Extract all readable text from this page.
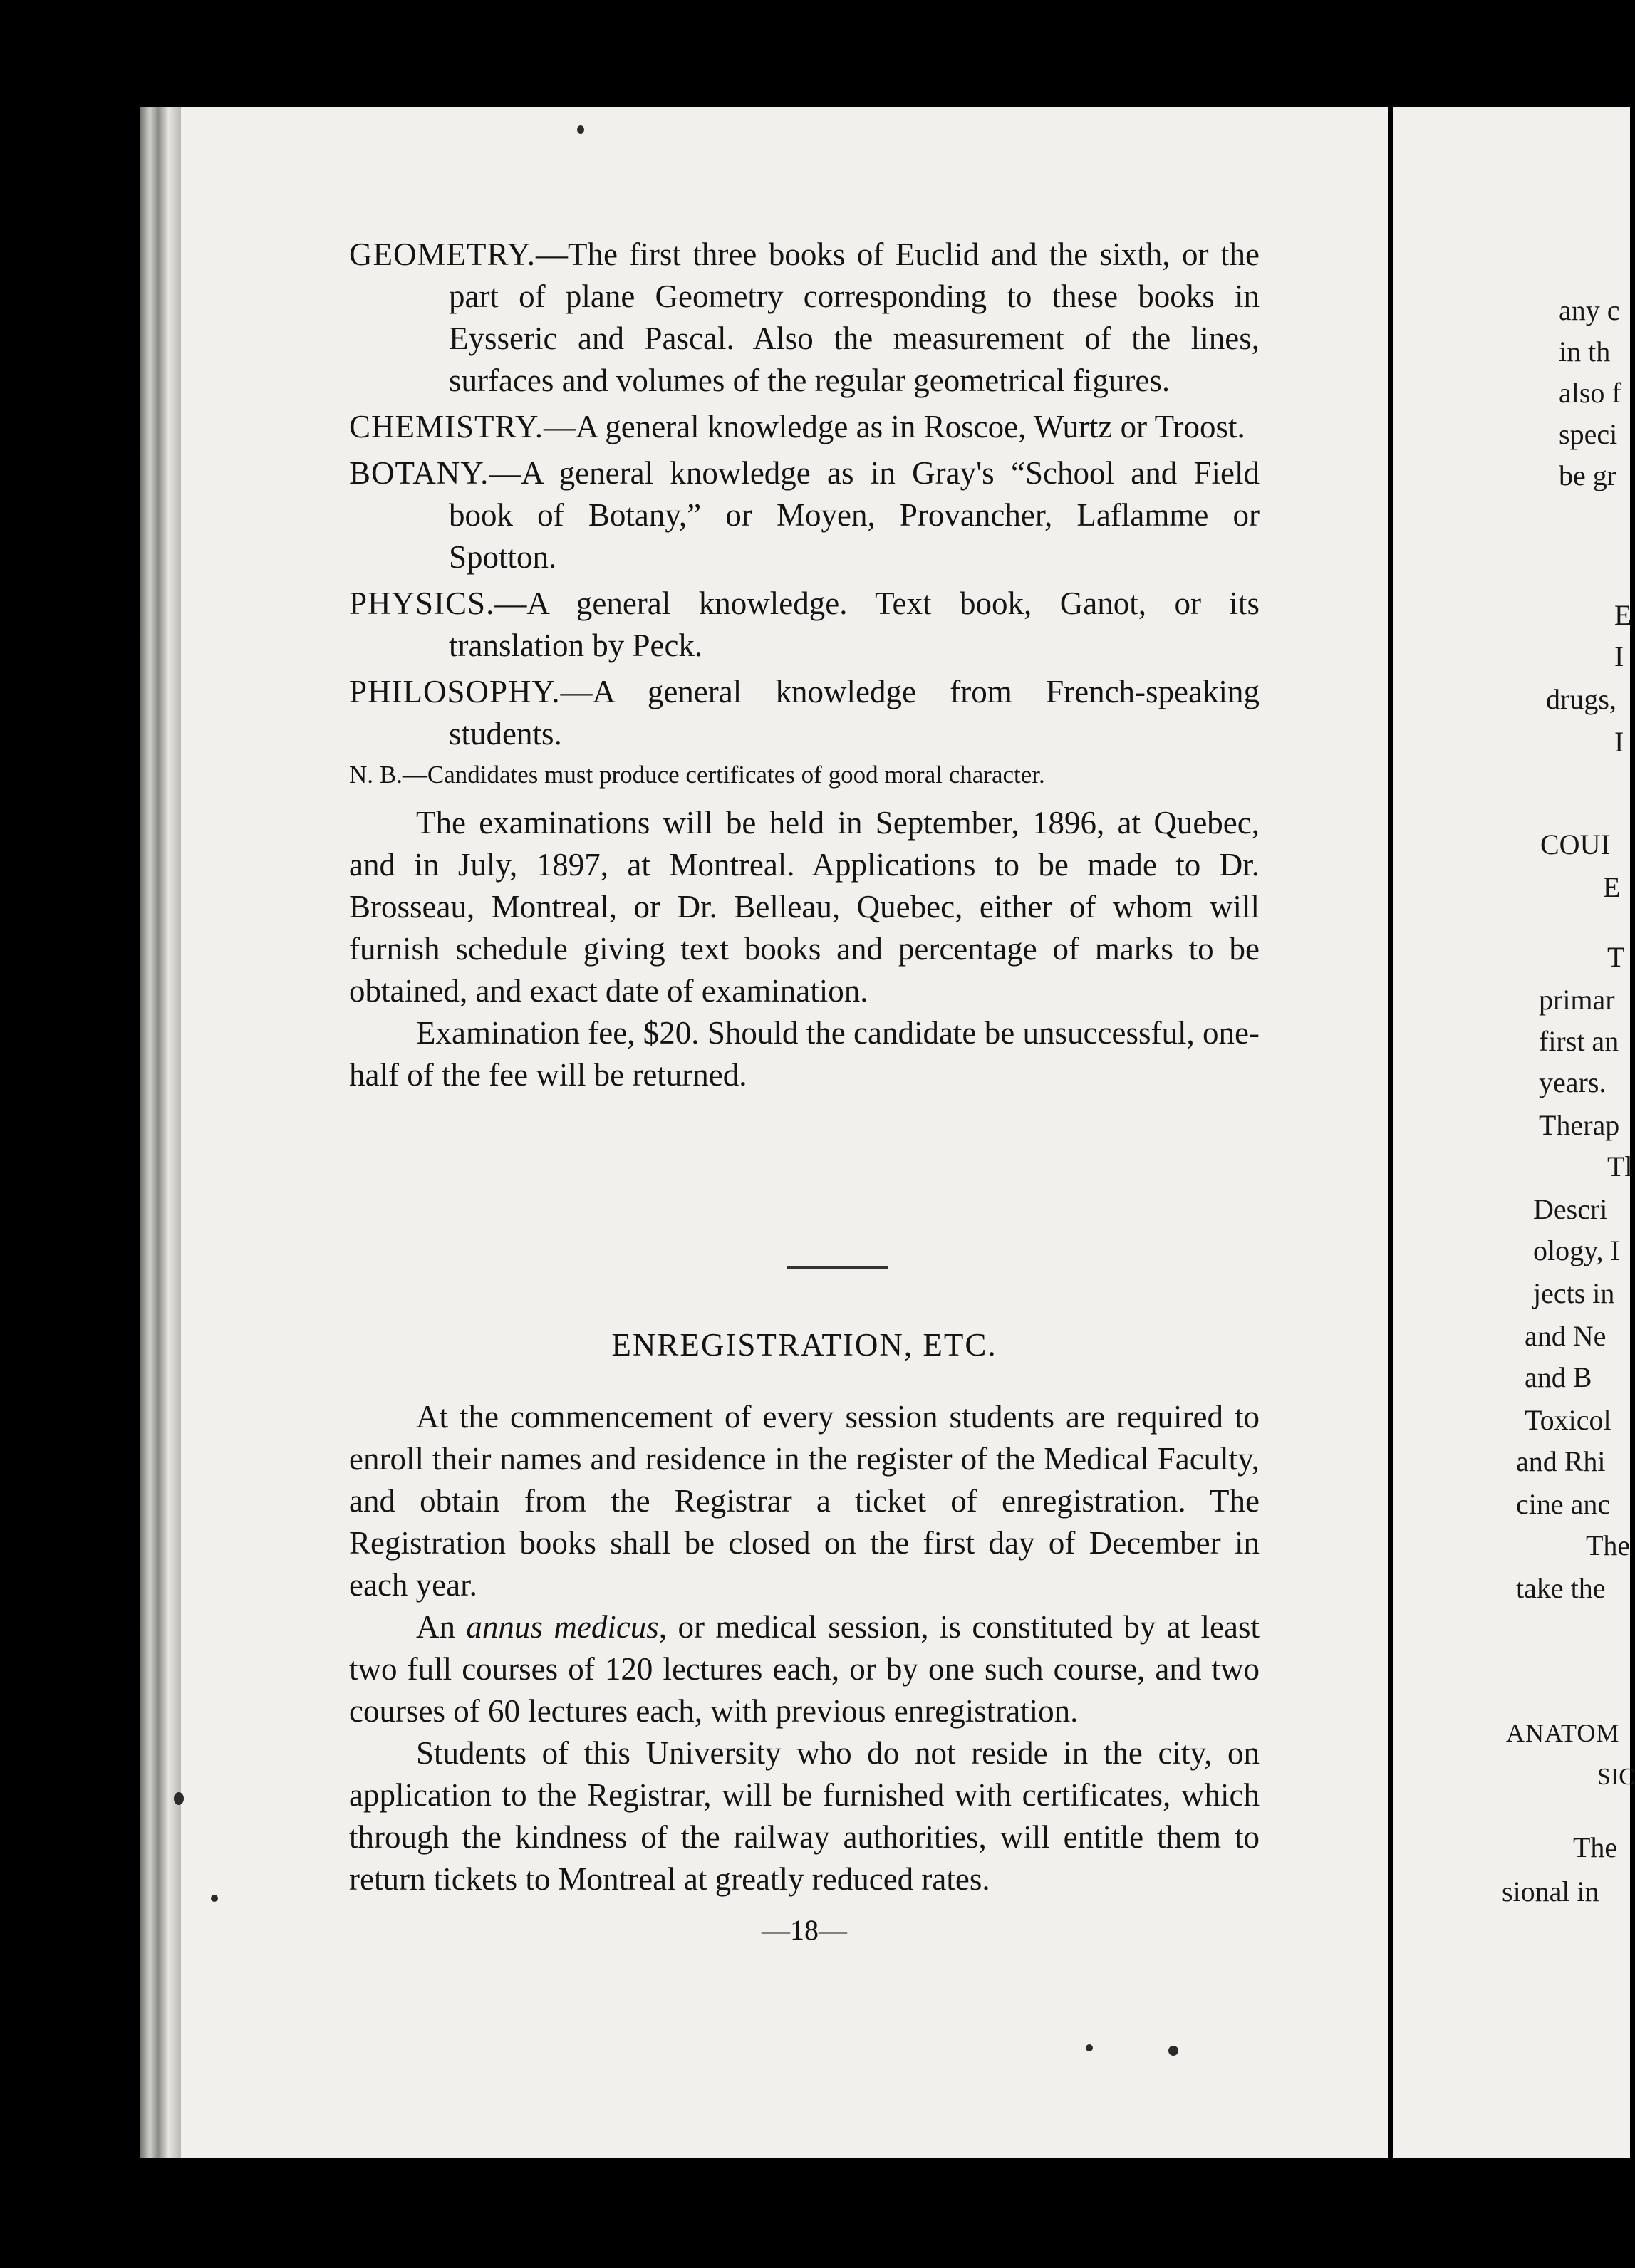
GEOMETRY.—The first three books of Euclid and the sixth, or the part of plane Geometry corresponding to these books in Eysseric and Pascal. Also the measurement of the lines, surfaces and volumes of the regular geometrical figures.

CHEMISTRY.—A general knowledge as in Roscoe, Wurtz or Troost.

BOTANY.—A general knowledge as in Gray's “School and Field book of Botany,” or Moyen, Provancher, Laflamme or Spotton.

PHYSICS.—A general knowledge. Text book, Ganot, or its translation by Peck.

PHILOSOPHY.—A general knowledge from French-speaking students.

N. B.—Candidates must produce certificates of good moral character.

The examinations will be held in September, 1896, at Quebec, and in July, 1897, at Montreal. Applications to be made to Dr. Brosseau, Montreal, or Dr. Belleau, Quebec, either of whom will furnish schedule giving text books and percentage of marks to be obtained, and exact date of examination.

Examination fee, $20. Should the candidate be unsuccessful, one-half of the fee will be returned.

ENREGISTRATION, ETC.

At the commencement of every session students are required to enroll their names and residence in the register of the Medical Faculty, and obtain from the Registrar a ticket of enregistration. The Registration books shall be closed on the first day of December in each year.

An annus medicus, or medical session, is constituted by at least two full courses of 120 lectures each, or by one such course, and two courses of 60 lectures each, with previous enregistration.

Students of this University who do not reside in the city, on application to the Registrar, will be furnished with certificates, which through the kindness of the railway authorities, will entitle them to return tickets to Montreal at greatly reduced rates.

—18—
any c
in th
also f
speci
be gr
E
I
drugs,
I
COUI
E
T
primar
first an
years.
Therap
Tl
Descri
ology, I
jects in
and Ne
and B
Toxicol
and Rhi
cine anc
The
take the
ANATOM
SIC
The
sional in
